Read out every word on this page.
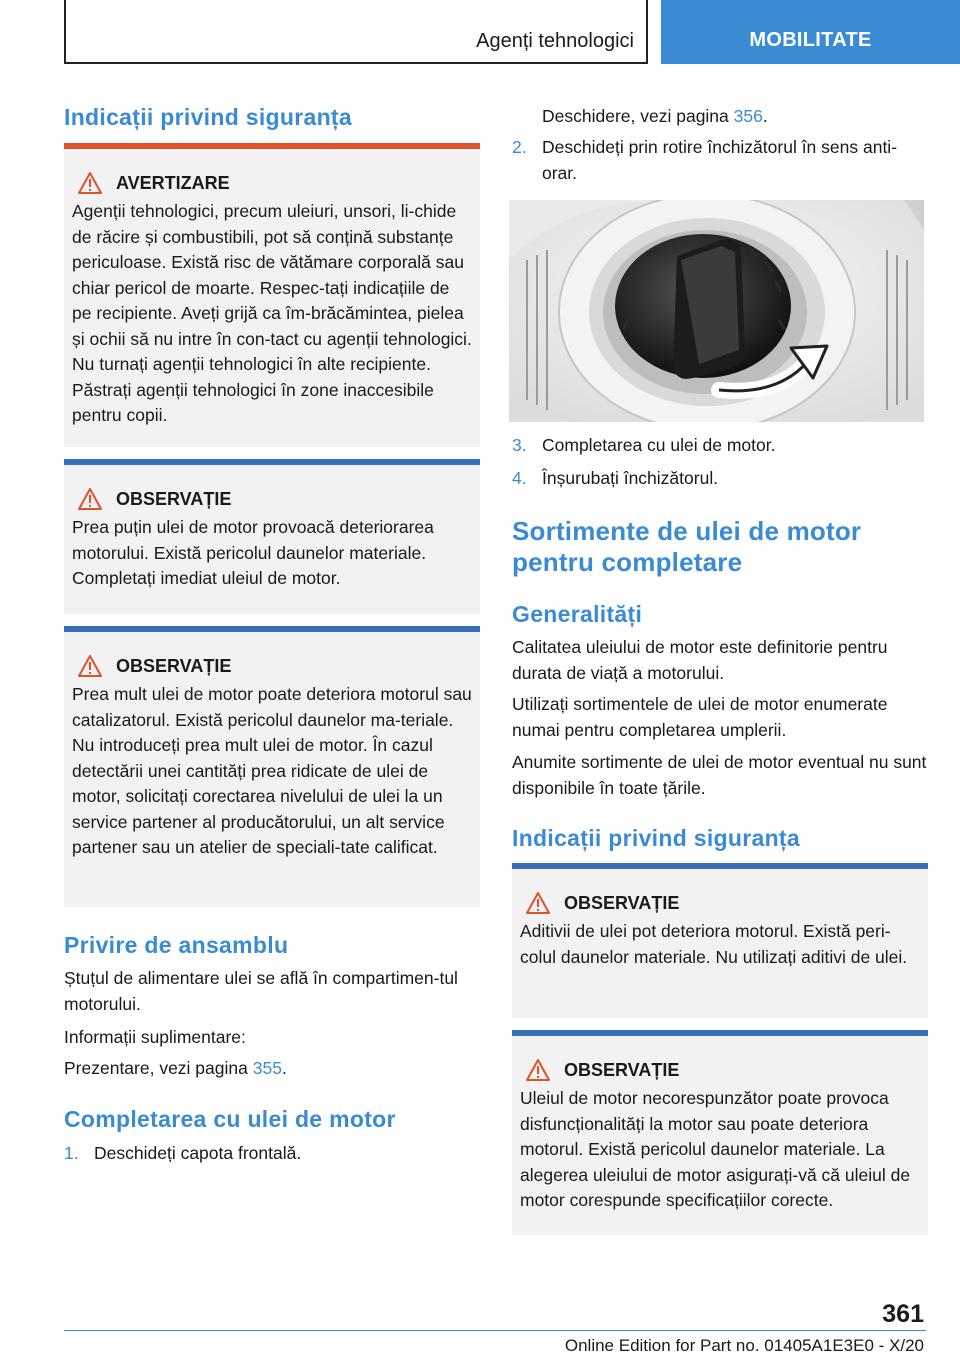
Agenți tehnologici	MOBILITATE
Indicații privind siguranța
AVERTIZARE
Agenții tehnologici, precum uleiuri, unsori, li-chide de răcire și combustibili, pot să conțină substanțe periculoase. Există risc de vătămare corporală sau chiar pericol de moarte. Respec-tați indicațiile de pe recipiente. Aveți grijă ca îm-brăcămintea, pielea și ochii să nu intre în con-tact cu agenții tehnologici. Nu turnați agenții tehnologici în alte recipiente. Păstrați agenții tehnologici în zone inaccesibile pentru copii.
OBSERVAȚIE
Prea puțin ulei de motor provoacă deteriorarea motorului. Există pericolul daunelor materiale. Completați imediat uleiul de motor.
OBSERVAȚIE
Prea mult ulei de motor poate deteriora motorul sau catalizatorul. Există pericolul daunelor ma-teriale. Nu introduceți prea mult ulei de motor. În cazul detectării unei cantități prea ridicate de ulei de motor, solicitați corectarea nivelului de ulei la un service partener al producătorului, un alt service partener sau un atelier de speciali-tate calificat.
Privire de ansamblu

Ștuțul de alimentare ulei se află în compartimen-tul motorului.

Informații suplimentare:

Prezentare, vezi pagina 355.

Completarea cu ulei de motor
1. Deschideți capota frontală.

Deschidere, vezi pagina 356.

2. Deschideți prin rotire închizătorul în sens anti-orar.
3. Completarea cu ulei de motor.
4. Înșurubați închizătorul.
Sortimente de ulei de motor pentru completare
Generalități

Calitatea uleiului de motor este definitorie pentru durata de viață a motorului.

Utilizați sortimentele de ulei de motor enumerate numai pentru completarea umplerii.

Anumite sortimente de ulei de motor eventual nu sunt disponibile în toate țările.

Indicații privind siguranța
OBSERVAȚIE
Aditivii de ulei pot deteriora motorul. Există peri-colul daunelor materiale. Nu utilizați aditivi de ulei.
OBSERVAȚIE
Uleiul de motor necorespunzător poate provoca disfuncționalități la motor sau poate deteriora motorul. Există pericolul daunelor materiale. La alegerea uleiului de motor asigurați-vă că uleiul de motor corespunde specificațiilor corecte.
361
Online Edition for Part no. 01405A1E3E0 - X/20
